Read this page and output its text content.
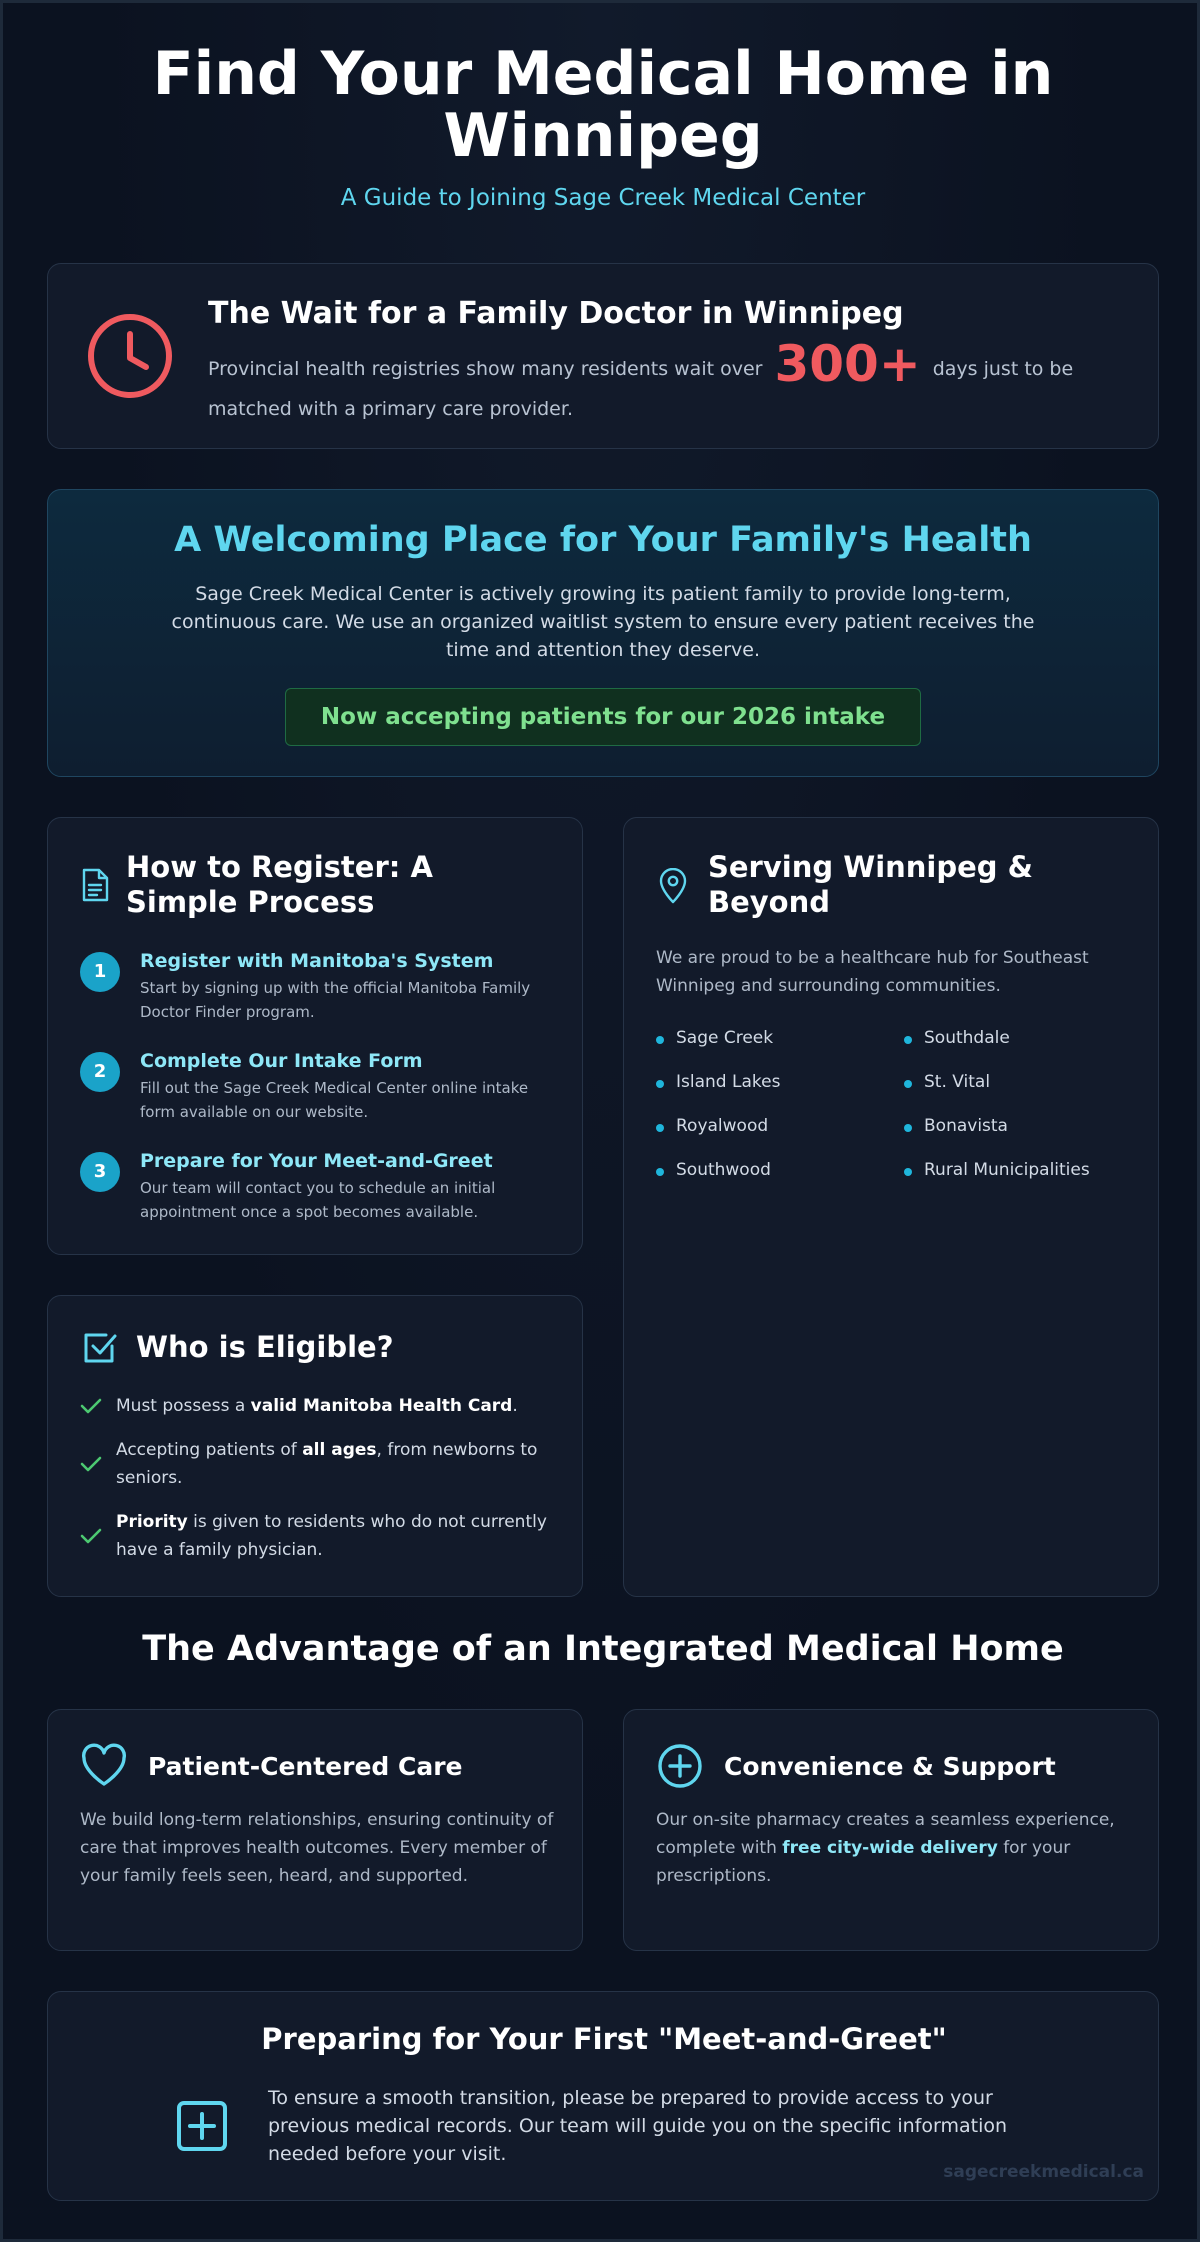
Find Your Medical Home in
Winnipeg
A Guide to Joining Sage Creek Medical Center
The Wait for a Family Doctor in Winnipeg
Provincial health registries show many residents wait over 300+ days just to be matched with a primary care provider.
A Welcoming Place for Your Family's Health

Sage Creek Medical Center is actively growing its patient family to provide long-term, continuous care. We use an organized waitlist system to ensure every patient receives the time and attention they deserve.

Now accepting patients for our 2026 intake
How to Register: A Simple Process
1	Register with Manitoba's System
Start by signing up with the official Manitoba Family Doctor Finder program.
2	Complete Our Intake Form
Fill out the Sage Creek Medical Center online intake form available on our website.
3	Prepare for Your Meet-and-Greet
Our team will contact you to schedule an initial appointment once a spot becomes available.
Serving Winnipeg & Beyond
We are proud to be a healthcare hub for Southeast Winnipeg and surrounding communities.
Sage Creek	Southdale
Island Lakes	St. Vital
Royalwood	Bonavista
Southwood	Rural Municipalities
Who is Eligible?
Must possess a valid Manitoba Health Card.
Accepting patients of all ages, from newborns to seniors.
Priority is given to residents who do not currently have a family physician.
The Advantage of an Integrated Medical Home
Patient-Centered Care
We build long-term relationships, ensuring continuity of care that improves health outcomes. Every member of your family feels seen, heard, and supported.
Convenience & Support
Our on-site pharmacy creates a seamless experience, complete with free city-wide delivery for your prescriptions.
Preparing for Your First "Meet-and-Greet"
To ensure a smooth transition, please be prepared to provide access to your previous medical records. Our team will guide you on the specific information needed before your visit.
sagecreekmedical.ca
